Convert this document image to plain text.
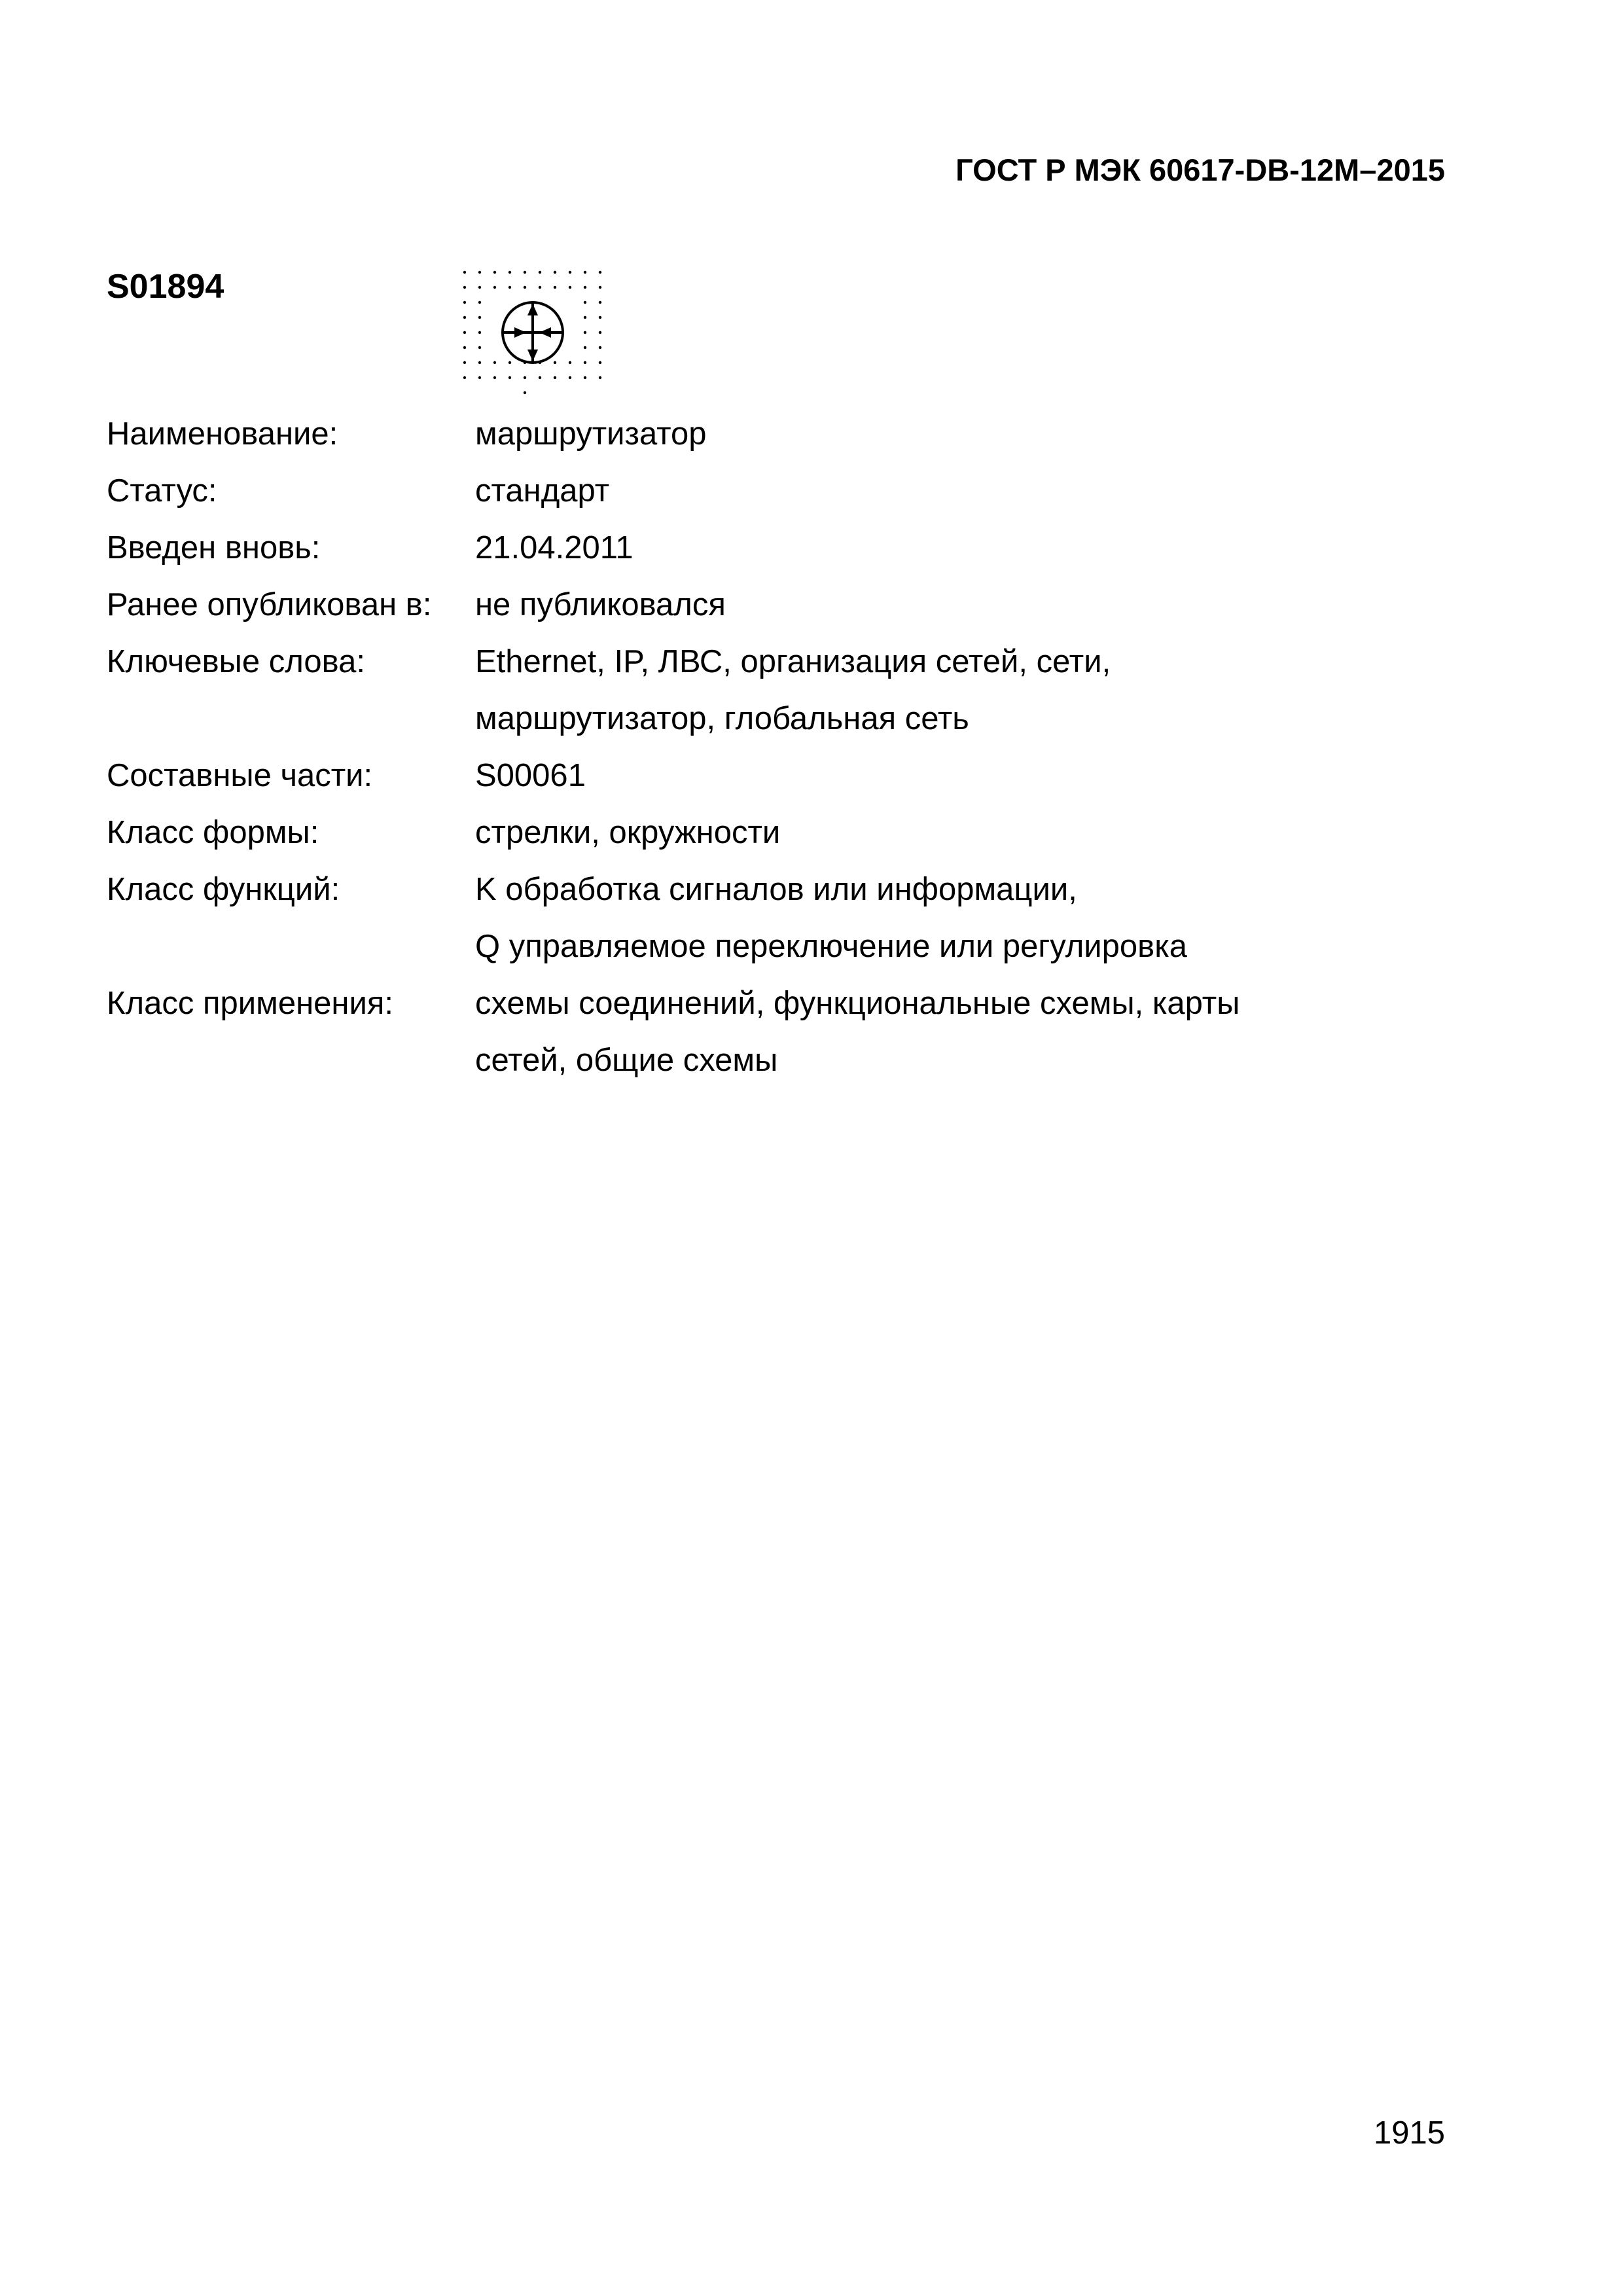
ГОСТ Р МЭК 60617-DB-12M–2015
S01894
Наименование:	маршрутизатор
Статус:	стандарт
Введен вновь:	21.04.2011
Ранее опубликован в:	не публиковался
Ключевые слова:	Ethernet, IP, ЛВС, организация сетей, сети,
	маршрутизатор, глобальная сеть
Составные части:	S00061
Класс формы:	стрелки, окружности
Класс функций:	K обработка сигналов или информации,
	Q управляемое переключение или регулировка
Класс применения:	схемы соединений, функциональные схемы, карты
	сетей, общие схемы
1915
